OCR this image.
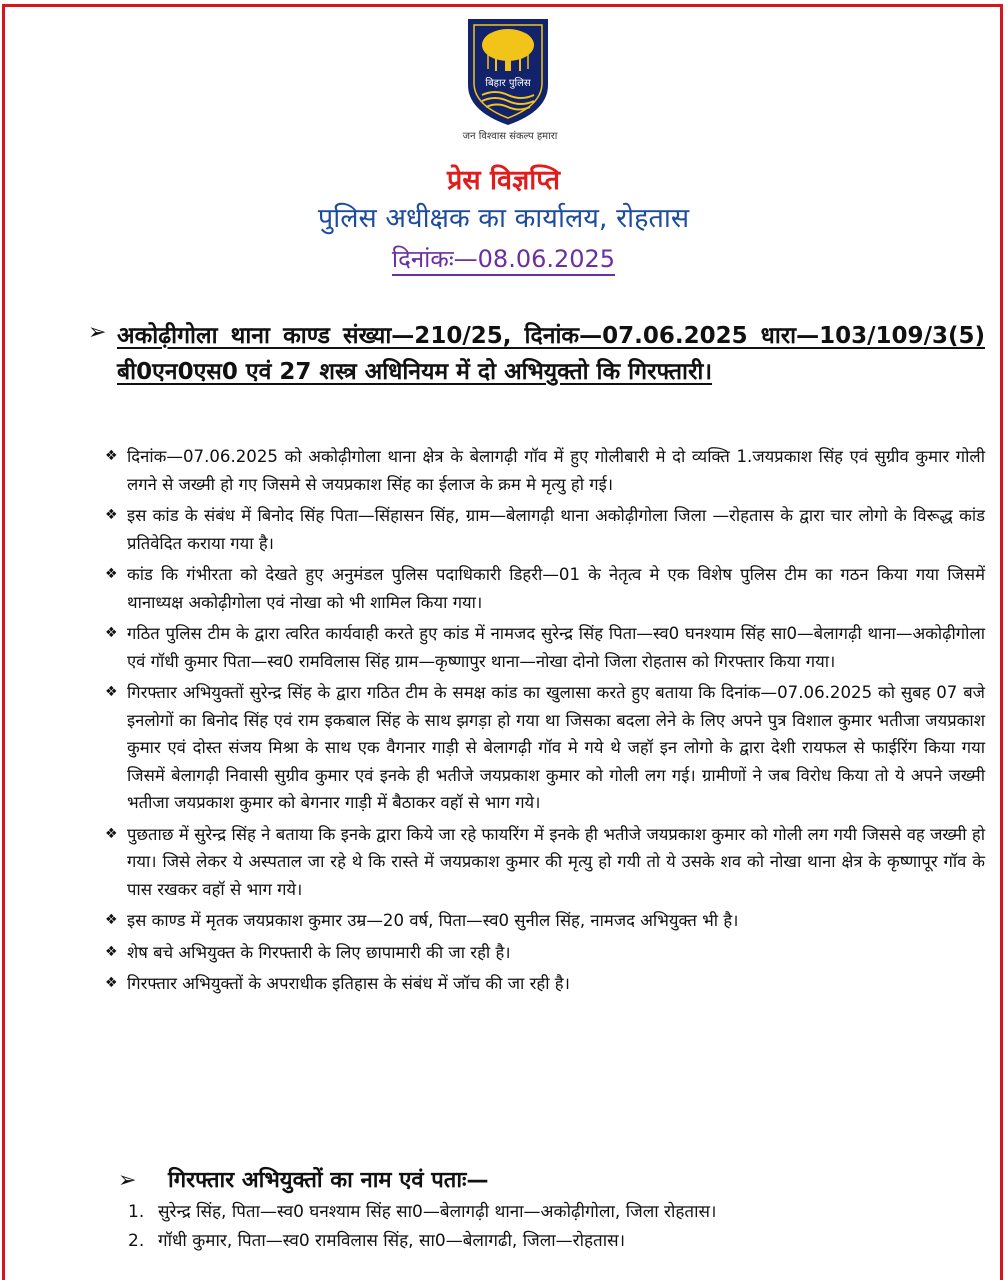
बिहार पुलिस
जन विश्वास संकल्प हमारा
प्रेस विज्ञप्ति
पुलिस अधीक्षक का कार्यालय, रोहतास
दिनांकः—08.06.2025
➢ अकोढ़ीगोला थाना काण्ड संख्या—210/25, दिनांक—07.06.2025 धारा—103/109/3(5) बी0एन0एस0 एवं 27 शस्त्र अधिनियम में दो अभियुक्तो कि गिरफ्तारी।
❖ दिनांक—07.06.2025 को अकोढ़ीगोला थाना क्षेत्र के बेलागढ़ी गॉव में हुए गोलीबारी मे दो व्यक्ति 1.जयप्रकाश सिंह एवं सुग्रीव कुमार गोली लगने से जख्मी हो गए जिसमे से जयप्रकाश सिंह का ईलाज के क्रम मे मृत्यु हो गई।
❖ इस कांड के संबंध में बिनोद सिंह पिता—सिंहासन सिंह, ग्राम—बेलागढ़ी थाना अकोढ़ीगोला जिला —रोहतास के द्वारा चार लोगो के विरूद्ध कांड प्रतिवेदित कराया गया है।
❖ कांड कि गंभीरता को देखते हुए अनुमंडल पुलिस पदाधिकारी डिहरी—01 के नेतृत्व मे एक विशेष पुलिस टीम का गठन किया गया जिसमें थानाध्यक्ष अकोढ़ीगोला एवं नोखा को भी शामिल किया गया।
❖ गठित पुलिस टीम के द्वारा त्वरित कार्यवाही करते हुए कांड में नामजद सुरेन्द्र सिंह पिता—स्व0 घनश्याम सिंह सा0—बेलागढ़ी थाना—अकोढ़ीगोला एवं गॉधी कुमार पिता—स्व0 रामविलास सिंह ग्राम—कृष्णापुर थाना—नोखा दोनो जिला रोहतास को गिरफ्तार किया गया।
❖ गिरफ्तार अभियुक्तों सुरेन्द्र सिंह के द्वारा गठित टीम के समक्ष कांड का खुलासा करते हुए बताया कि दिनांक—07.06.2025 को सुबह 07 बजे इनलोगों का बिनोद सिंह एवं राम इकबाल सिंह के साथ झगड़ा हो गया था जिसका बदला लेने के लिए अपने पुत्र विशाल कुमार भतीजा जयप्रकाश कुमार एवं दोस्त संजय मिश्रा के साथ एक वैगनार गाड़ी से बेलागढ़ी गॉव मे गये थे जहॉ इन लोगो के द्वारा देशी रायफल से फाईरिंग किया गया जिसमें बेलागढ़ी निवासी सुग्रीव कुमार एवं इनके ही भतीजे जयप्रकाश कुमार को गोली लग गई। ग्रामीणों ने जब विरोध किया तो ये अपने जख्मी भतीजा जयप्रकाश कुमार को बेगनार गाड़ी में बैठाकर वहॉ से भाग गये।
❖ पुछताछ में सुरेन्द्र सिंह ने बताया कि इनके द्वारा किये जा रहे फायरिंग में इनके ही भतीजे जयप्रकाश कुमार को गोली लग गयी जिससे वह जख्मी हो गया। जिसे लेकर ये अस्पताल जा रहे थे कि रास्ते में जयप्रकाश कुमार की मृत्यु हो गयी तो ये उसके शव को नोखा थाना क्षेत्र के कृष्णापूर गॉव के पास रखकर वहॉ से भाग गये।
❖ इस काण्ड में मृतक जयप्रकाश कुमार उम्र—20 वर्ष, पिता—स्व0 सुनील सिंह, नामजद अभियुक्त भी है।
❖ शेष बचे अभियुक्त के गिरफ्तारी के लिए छापामारी की जा रही है।
❖ गिरफ्तार अभियुक्तों के अपराधीक इतिहास के संबंध में जॉच की जा रही है।
➢ गिरफ्तार अभियुक्तों का नाम एवं पताः—
1. सुरेन्द्र सिंह, पिता—स्व0 घनश्याम सिंह सा0—बेलागढ़ी थाना—अकोढ़ीगोला, जिला रोहतास।
2. गॉधी कुमार, पिता—स्व0 रामविलास सिंह, सा0—बेलागढी, जिला—रोहतास।
